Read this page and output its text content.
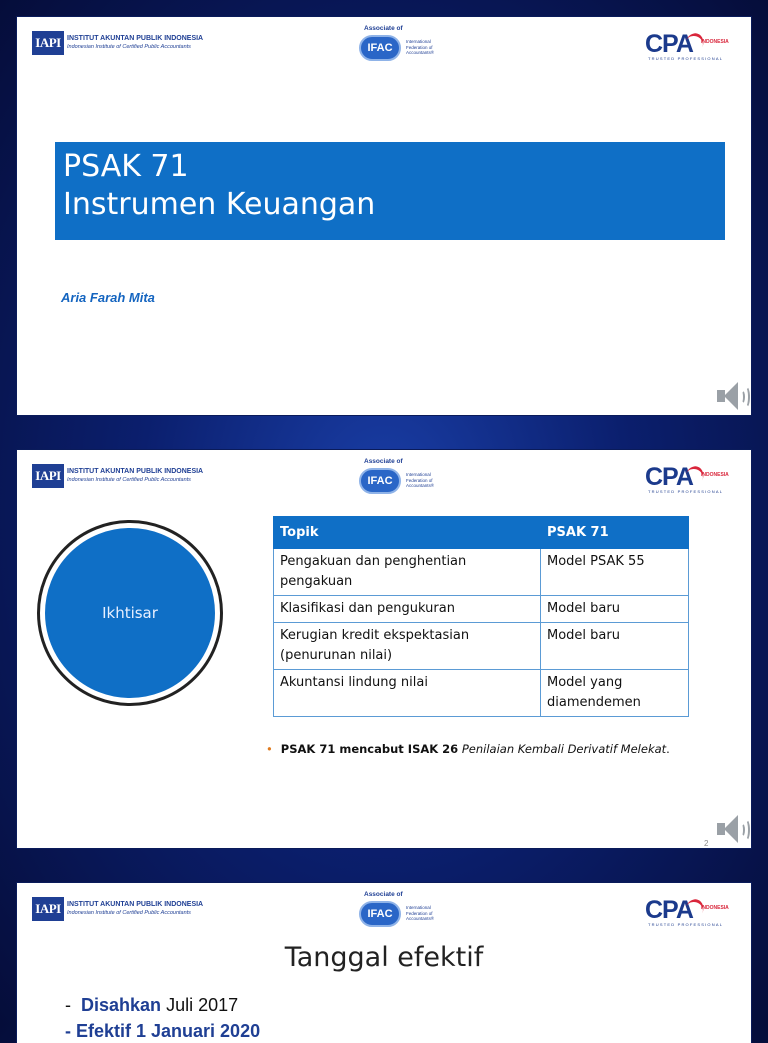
IAPI INSTITUT AKUNTAN PUBLIK INDONESIA
Indonesian Institute of Certified Public Accountants
Associate of
IFAC
International Federation of Accountants®	CPA INDONESIA
TRUSTED PROFESSIONAL
PSAK 71
Instrumen Keuangan
Aria Farah Mita
IAPI INSTITUT AKUNTAN PUBLIK INDONESIA
Indonesian Institute of Certified Public Accountants
Associate of
IFAC
International Federation of Accountants®	CPA INDONESIA
TRUSTED PROFESSIONAL
Ikhtisar
Topik	PSAK 71
Pengakuan dan penghentian pengakuan	Model PSAK 55
Klasifikasi dan pengukuran	Model baru
Kerugian kredit ekspektasian (penurunan nilai)	Model baru
Akuntansi lindung nilai	Model yang diamendemen
• PSAK 71 mencabut ISAK 26 Penilaian Kembali Derivatif Melekat.
2
IAPI INSTITUT AKUNTAN PUBLIK INDONESIA
Indonesian Institute of Certified Public Accountants
Associate of
IFAC
International Federation of Accountants®	CPA INDONESIA
TRUSTED PROFESSIONAL
Tanggal efektif
- Disahkan Juli 2017
- Efektif 1 Januari 2020
